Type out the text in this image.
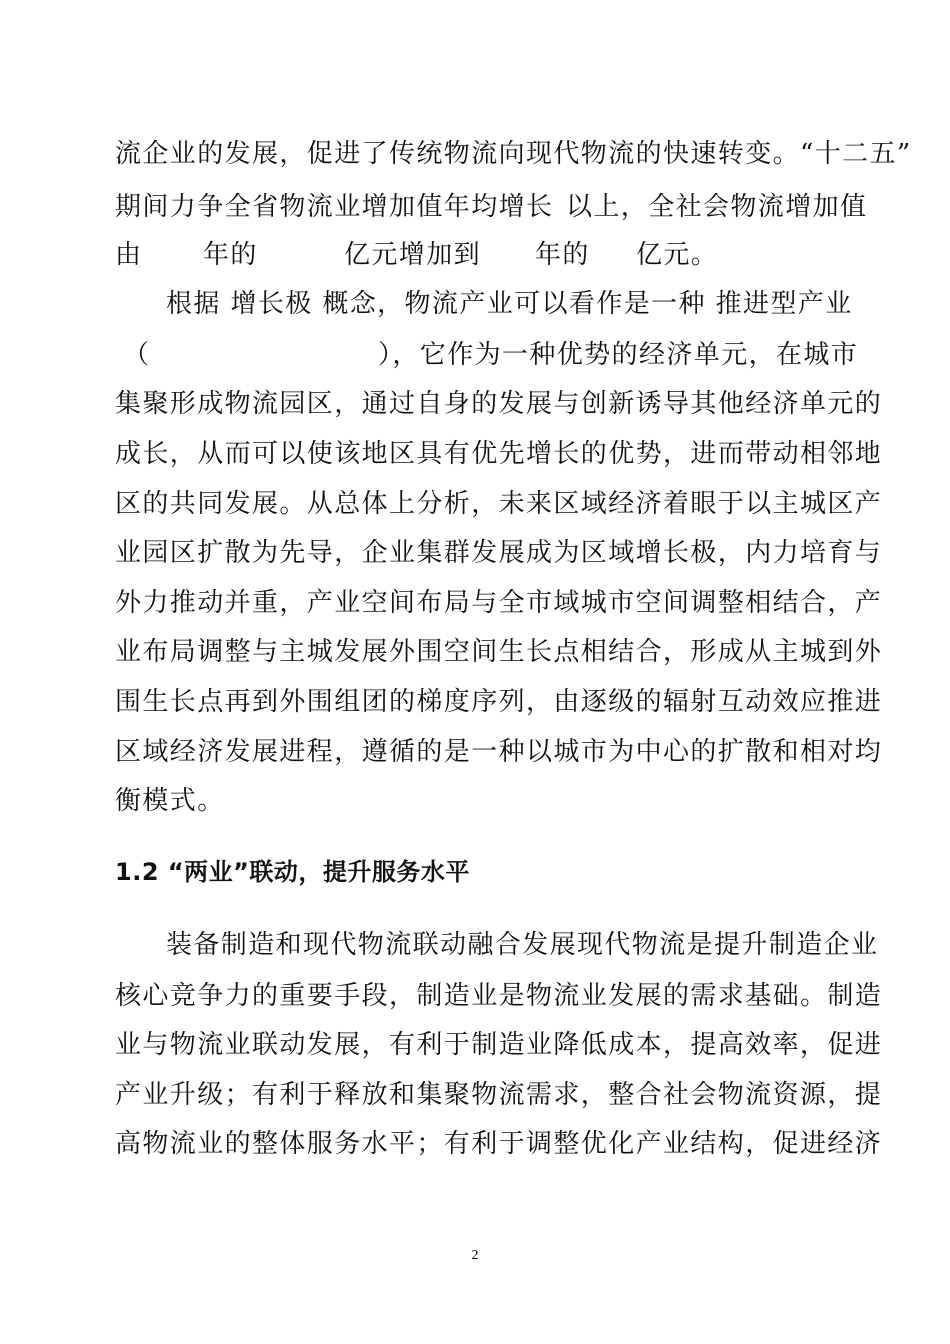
流企业的发展，促进了传统物流向现代物流的快速转变。“十二五”
期间力争全省物流业增加值年均增长 以上，全社会物流增加值
由 年的	亿元增加到 年的 亿元。
根据 增长极 概念，物流产业可以看作是一种 推进型产业
（	），它作为一种优势的经济单元，在城市
集聚形成物流园区，通过自身的发展与创新诱导其他经济单元的
成长，从而可以使该地区具有优先增长的优势，进而带动相邻地
区的共同发展。从总体上分析，未来区域经济着眼于以主城区产
业园区扩散为先导，企业集群发展成为区域增长极，内力培育与
外力推动并重，产业空间布局与全市域城市空间调整相结合，产
业布局调整与主城发展外围空间生长点相结合，形成从主城到外
围生长点再到外围组团的梯度序列，由逐级的辐射互动效应推进
区域经济发展进程，遵循的是一种以城市为中心的扩散和相对均
衡模式。
1.2 “两业”联动，提升服务水平
装备制造和现代物流联动融合发展现代物流是提升制造企业
核心竞争力的重要手段，制造业是物流业发展的需求基础。制造
业与物流业联动发展，有利于制造业降低成本，提高效率，促进
产业升级；有利于释放和集聚物流需求，整合社会物流资源，提
高物流业的整体服务水平；有利于调整优化产业结构，促进经济
2
